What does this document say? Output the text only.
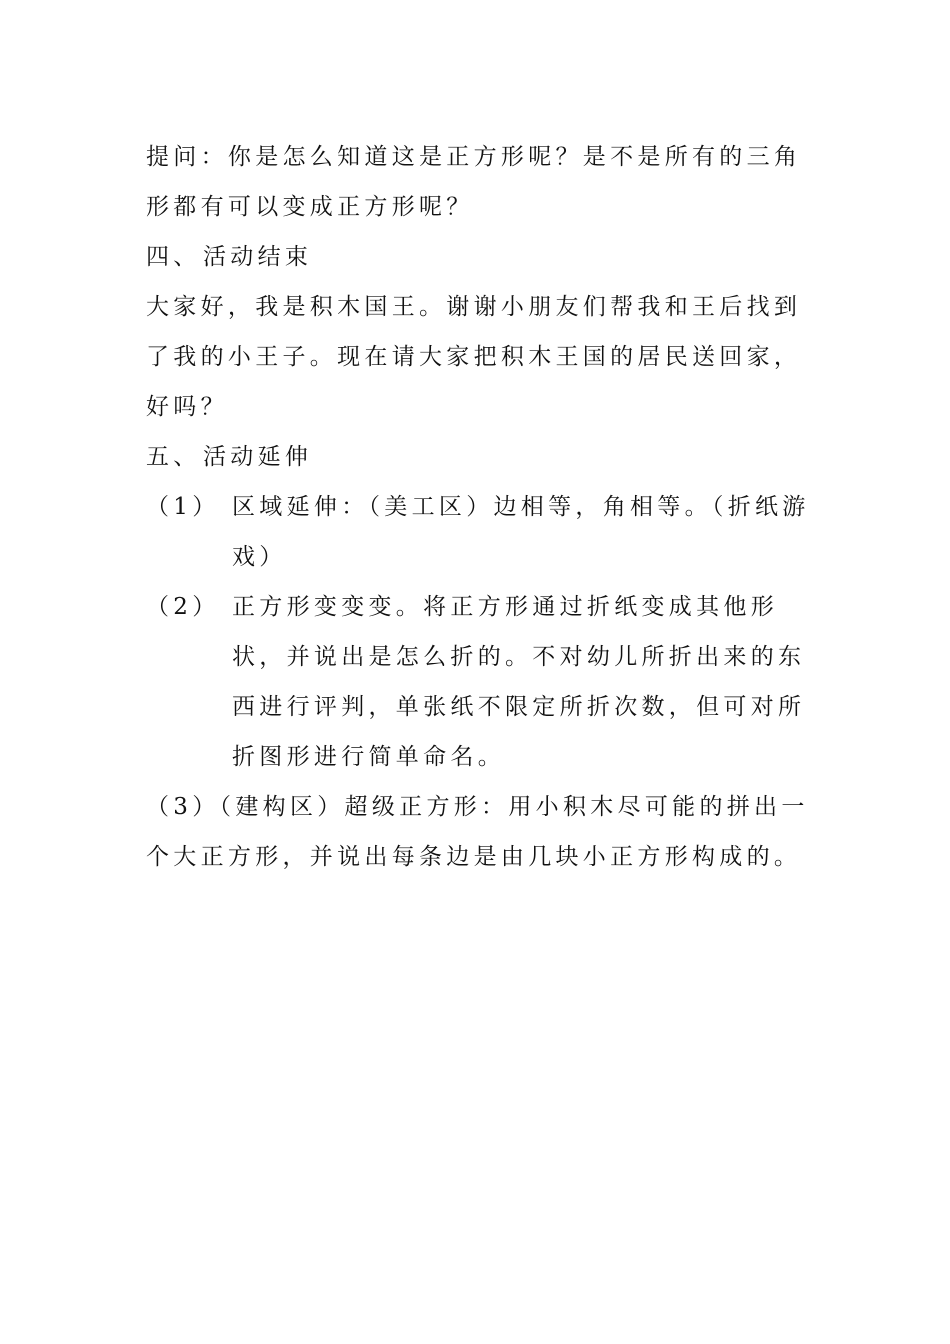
提问：你是怎么知道这是正方形呢？是不是所有的三角形都有可以变成正方形呢？

四、 活动结束

大家好，我是积木国王。谢谢小朋友们帮我和王后找到了我的小王子。现在请大家把积木王国的居民送回家，好吗？

五、 活动延伸

（1） 区域延伸：（美工区）边相等，角相等。（折纸游戏）
（2） 正方形变变变。将正方形通过折纸变成其他形状，并说出是怎么折的。不对幼儿所折出来的东西进行评判，单张纸不限定所折次数，但可对所折图形进行简单命名。

（3）（建构区）超级正方形：用小积木尽可能的拼出一个大正方形，并说出每条边是由几块小正方形构成的。
